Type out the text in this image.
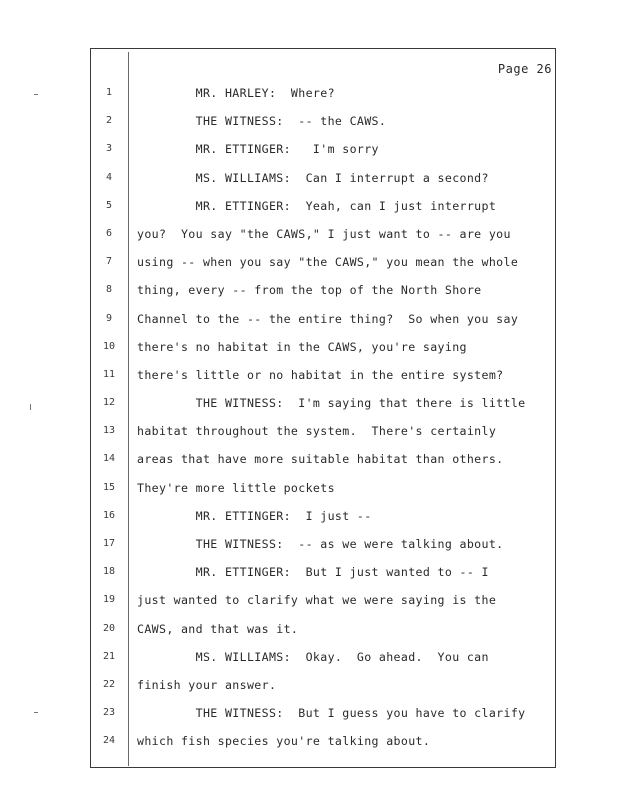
Page 26
1	MR. HARLEY:  Where?
2	THE WITNESS:  -- the CAWS.
3	MR. ETTINGER:   I'm sorry
4	MS. WILLIAMS:  Can I interrupt a second?
5	MR. ETTINGER:  Yeah, can I just interrupt
6	you?  You say "the CAWS," I just want to -- are you
7	using -- when you say "the CAWS," you mean the whole
8	thing, every -- from the top of the North Shore
9	Channel to the -- the entire thing?  So when you say
10	there's no habitat in the CAWS, you're saying
11	there's little or no habitat in the entire system?
12	THE WITNESS:  I'm saying that there is little
13	habitat throughout the system.  There's certainly
14	areas that have more suitable habitat than others.
15	They're more little pockets
16	MR. ETTINGER:  I just --
17	THE WITNESS:  -- as we were talking about.
18	MR. ETTINGER:  But I just wanted to -- I
19	just wanted to clarify what we were saying is the
20	CAWS, and that was it.
21	MS. WILLIAMS:  Okay.  Go ahead.  You can
22	finish your answer.
23	THE WITNESS:  But I guess you have to clarify
24	which fish species you're talking about.
